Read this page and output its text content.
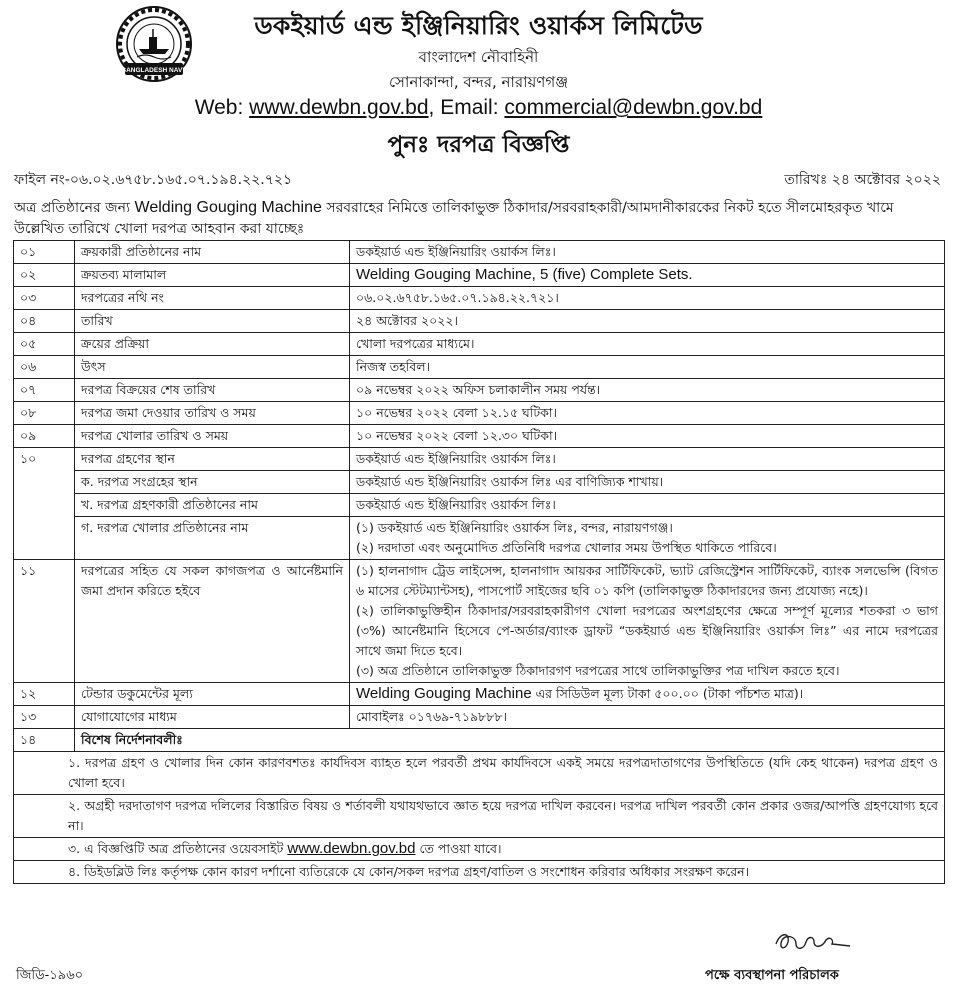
BANGLADESH NAVY
ডকইয়ার্ড এন্ড ইঞ্জিনিয়ারিং ওয়ার্কস লিমিটেড
বাংলাদেশ নৌবাহিনী
সোনাকান্দা, বন্দর, নারায়ণগঞ্জ
Web: www.dewbn.gov.bd, Email: commercial@dewbn.gov.bd
পুনঃ দরপত্র বিজ্ঞপ্তি
ফাইল নং-০৬.০২.৬৭৫৮.১৬৫.০৭.১৯৪.২২.৭২১	তারিখঃ ২৪ অক্টোবর ২০২২
অত্র প্রতিষ্ঠানের জন্য Welding Gouging Machine সরবরাহের নিমিত্তে তালিকাভুক্ত ঠিকাদার/সরবরাহকারী/আমদানীকারকের নিকট হতে সীলমোহরকৃত খামে উল্লেখিত তারিখে খোলা দরপত্র আহবান করা যাচ্ছেঃ
০১	ক্রয়কারী প্রতিষ্ঠানের নাম	ডকইয়ার্ড এন্ড ইঞ্জিনিয়ারিং ওয়ার্কস লিঃ।
০২	ক্রয়তব্য মালামাল	Welding Gouging Machine, 5 (five) Complete Sets.
০৩	দরপত্রের নথি নং	০৬.০২.৬৭৫৮.১৬৫.০৭.১৯৪.২২.৭২১।
০৪	তারিখ	২৪ অক্টোবর ২০২২।
০৫	ক্রয়ের প্রক্রিয়া	খোলা দরপত্রের মাধ্যমে।
০৬	উৎস	নিজস্ব তহবিল।
০৭	দরপত্র বিক্রয়ের শেষ তারিখ	০৯ নভেম্বর ২০২২ অফিস চলাকালীন সময় পর্যন্ত।
০৮	দরপত্র জমা দেওয়ার তারিখ ও সময়	১০ নভেম্বর ২০২২ বেলা ১২.১৫ ঘটিকা।
০৯	দরপত্র খোলার তারিখ ও সময়	১০ নভেম্বর ২০২২ বেলা ১২.৩০ ঘটিকা।
১০	দরপত্র গ্রহণের স্থান	ডকইয়ার্ড এন্ড ইঞ্জিনিয়ারিং ওয়ার্কস লিঃ।
	ক. দরপত্র সংগ্রহের স্থান	ডকইয়ার্ড এন্ড ইঞ্জিনিয়ারিং ওয়ার্কস লিঃ এর বাণিজ্যিক শাখায়।
	খ. দরপত্র গ্রহণকারী প্রতিষ্ঠানের নাম	ডকইয়ার্ড এন্ড ইঞ্জিনিয়ারিং ওয়ার্কস লিঃ।
	গ. দরপত্র খোলার প্রতিষ্ঠানের নাম	(১) ডকইয়ার্ড এন্ড ইঞ্জিনিয়ারিং ওয়ার্কস লিঃ, বন্দর, নারায়ণগঞ্জ।
(২) দরদাতা এবং অনুমোদিত প্রতিনিধি দরপত্র খোলার সময় উপস্থিত থাকিতে পারিবে।

১১	দরপত্রের সহিত যে সকল কাগজপত্র ও আর্নেষ্টমানি জমা প্রদান করিতে হইবে	(১) হালনাগাদ ট্রেড লাইসেন্স, হালনাগাদ আয়কর সার্টিফিকেট, ভ্যাট রেজিস্ট্রেশন সার্টিফিকেট, ব্যাংক সলভেন্সি (বিগত ৬ মাসের স্টেটম্যান্টসহ), পাসপোর্ট সাইজের ছবি ০১ কপি (তালিকাভুক্ত ঠিকাদারদের জন্য প্রযোজ্য নহে)।
(২) তালিকাভুক্তিহীন ঠিকাদার/সরবরাহকারীগণ খোলা দরপত্রের অংশগ্রহণের ক্ষেত্রে সম্পূর্ণ মূল্যের শতকরা ৩ ভাগ (৩%) আর্নেষ্টমানি হিসেবে পে-অর্ডার/ব্যাংক ড্রাফট “ডকইয়ার্ড এন্ড ইঞ্জিনিয়ারিং ওয়ার্কস লিঃ” এর নামে দরপত্রের সাথে জমা দিতে হবে।
(৩) অত্র প্রতিষ্ঠানে তালিকাভুক্ত ঠিকাদারগণ দরপত্রের সাথে তালিকাভুক্তির পত্র দাখিল করতে হবে।

১২	টেন্ডার ডকুমেন্টের মূল্য	Welding Gouging Machine এর সিডিউল মূল্য টাকা ৫০০.০০ (টাকা পাঁচশত মাত্র)।
১৩	যোগাযোগের মাধ্যম	মোবাইলঃ ০১৭৬৯-৭১৯৮৮৮।
১৪	বিশেষ নির্দেশনাবলীঃ	
১. দরপত্র গ্রহণ ও খোলার দিন কোন কারণবশতঃ কার্যদিবস ব্যাহত হলে পরবর্তী প্রথম কার্যদিবসে একই সময়ে দরপত্রদাতাগণের উপস্থিতিতে (যদি কেহ থাকেন) দরপত্র গ্রহণ ও খোলা হবে।		
২. অগ্রহী দরদাতাগণ দরপত্র দলিলের বিস্তারিত বিষয় ও শর্তাবলী যথাযথভাবে জ্ঞাত হয়ে দরপত্র দাখিল করবেন। দরপত্র দাখিল পরবর্তী কোন প্রকার ওজর/আপত্তি গ্রহণযোগ্য হবে না।		
৩. এ বিজ্ঞপ্তিটি অত্র প্রতিষ্ঠানের ওয়েবসাইট www.dewbn.gov.bd তে পাওয়া যাবে।		
৪. ডিইডব্লিউ লিঃ কর্তৃপক্ষ কোন কারণ দর্শানো ব্যতিরেকে যে কোন/সকল দরপত্র গ্রহণ/বাতিল ও সংশোধন করিবার অধিকার সংরক্ষণ করেন।		
জিডি-১৯৬০	পক্ষে ব্যবস্থাপনা পরিচালক
